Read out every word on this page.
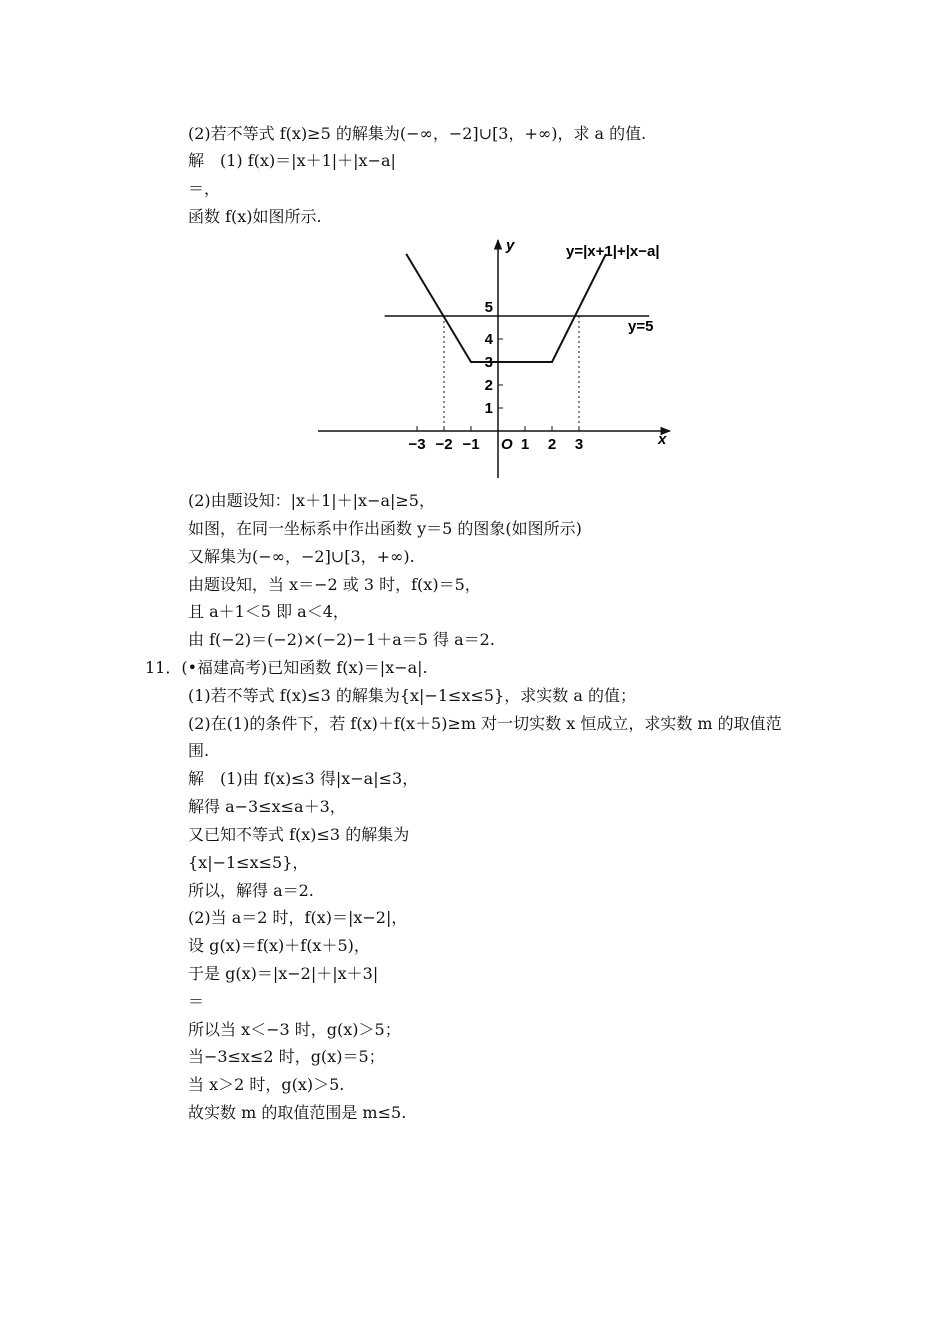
(2)若不等式 f(x)≥5 的解集为(−∞，−2]∪[3，+∞)，求 a 的值.
解　(1) f(x)＝|x＋1|＋|x−a|
＝，
函数 f(x)如图所示.
−3 −2 −1	1 2 3
5
4
3
2
1
y
x
O
y=|x+1|+|x−a|
y=5
(2)由题设知：|x＋1|＋|x−a|≥5，
如图，在同一坐标系中作出函数 y＝5 的图象(如图所示)
又解集为(−∞，−2]∪[3，+∞).
由题设知，当 x＝−2 或 3 时，f(x)＝5，
且 a＋1＜5 即 a＜4，
由 f(−2)＝(−2)×(−2)−1＋a＝5 得 a＝2.
11．(•福建高考)已知函数 f(x)＝|x−a|.
(1)若不等式 f(x)≤3 的解集为{x|−1≤x≤5}，求实数 a 的值；
(2)在(1)的条件下，若 f(x)＋f(x＋5)≥m 对一切实数 x 恒成立，求实数 m 的取值范
围.
解　(1)由 f(x)≤3 得|x−a|≤3，
解得 a−3≤x≤a＋3，
又已知不等式 f(x)≤3 的解集为
{x|−1≤x≤5}，
所以，解得 a＝2.
(2)当 a＝2 时，f(x)＝|x−2|，
设 g(x)＝f(x)＋f(x＋5)，
于是 g(x)＝|x−2|＋|x＋3|
＝
所以当 x＜−3 时，g(x)＞5；
当−3≤x≤2 时，g(x)＝5；
当 x＞2 时，g(x)＞5.
故实数 m 的取值范围是 m≤5.
